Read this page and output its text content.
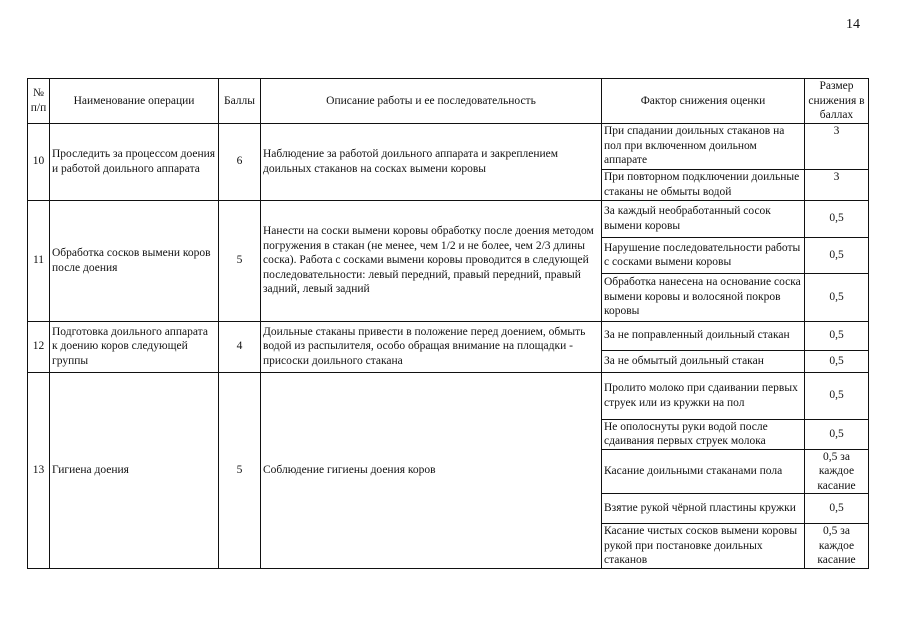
14
№ п/п	Наименование операции	Баллы	Описание работы и ее последовательность	Фактор снижения оценки	Размер снижения в баллах
10	Проследить за процессом доения и работой доильного аппарата	6	Наблюдение за работой доильного аппарата и закреплением доильных стаканов на сосках вымени коровы	При спадании доильных стаканов на пол при включенном доильном аппарате	3
				При повторном подключении доильные стаканы не обмыты водой	3
11	Обработка сосков вымени коров после доения	5	Нанести на соски вымени коровы обработку после доения методом погружения в стакан (не менее, чем 1/2 и не более, чем 2/3 длины соска). Работа с сосками вымени коровы проводится в следующей последовательности: левый передний, правый передний, правый задний, левый задний	За каждый необработанный сосок вымени коровы	0,5
				Нарушение последовательности работы с сосками вымени коровы	0,5
				Обработка нанесена на основание соска вымени коровы и волосяной покров коровы	0,5
12	Подготовка доильного аппарата к доению коров следующей группы	4	Доильные стаканы привести в положение перед доением, обмыть водой из распылителя, особо обращая внимание на площадки - присоски доильного стакана	За не поправленный доильный стакан	0,5
				За не обмытый доильный стакан	0,5
13	Гигиена доения	5	Соблюдение гигиены доения коров	Пролито молоко при сдаивании первых струек или из кружки на пол	0,5
				Не ополоснуты руки водой после сдаивания первых струек молока	0,5
				Касание доильными стаканами пола	0,5 за каждое касание
				Взятие рукой чёрной пластины кружки	0,5
				Касание чистых сосков вымени коровы рукой при постановке доильных стаканов	0,5 за каждое касание
